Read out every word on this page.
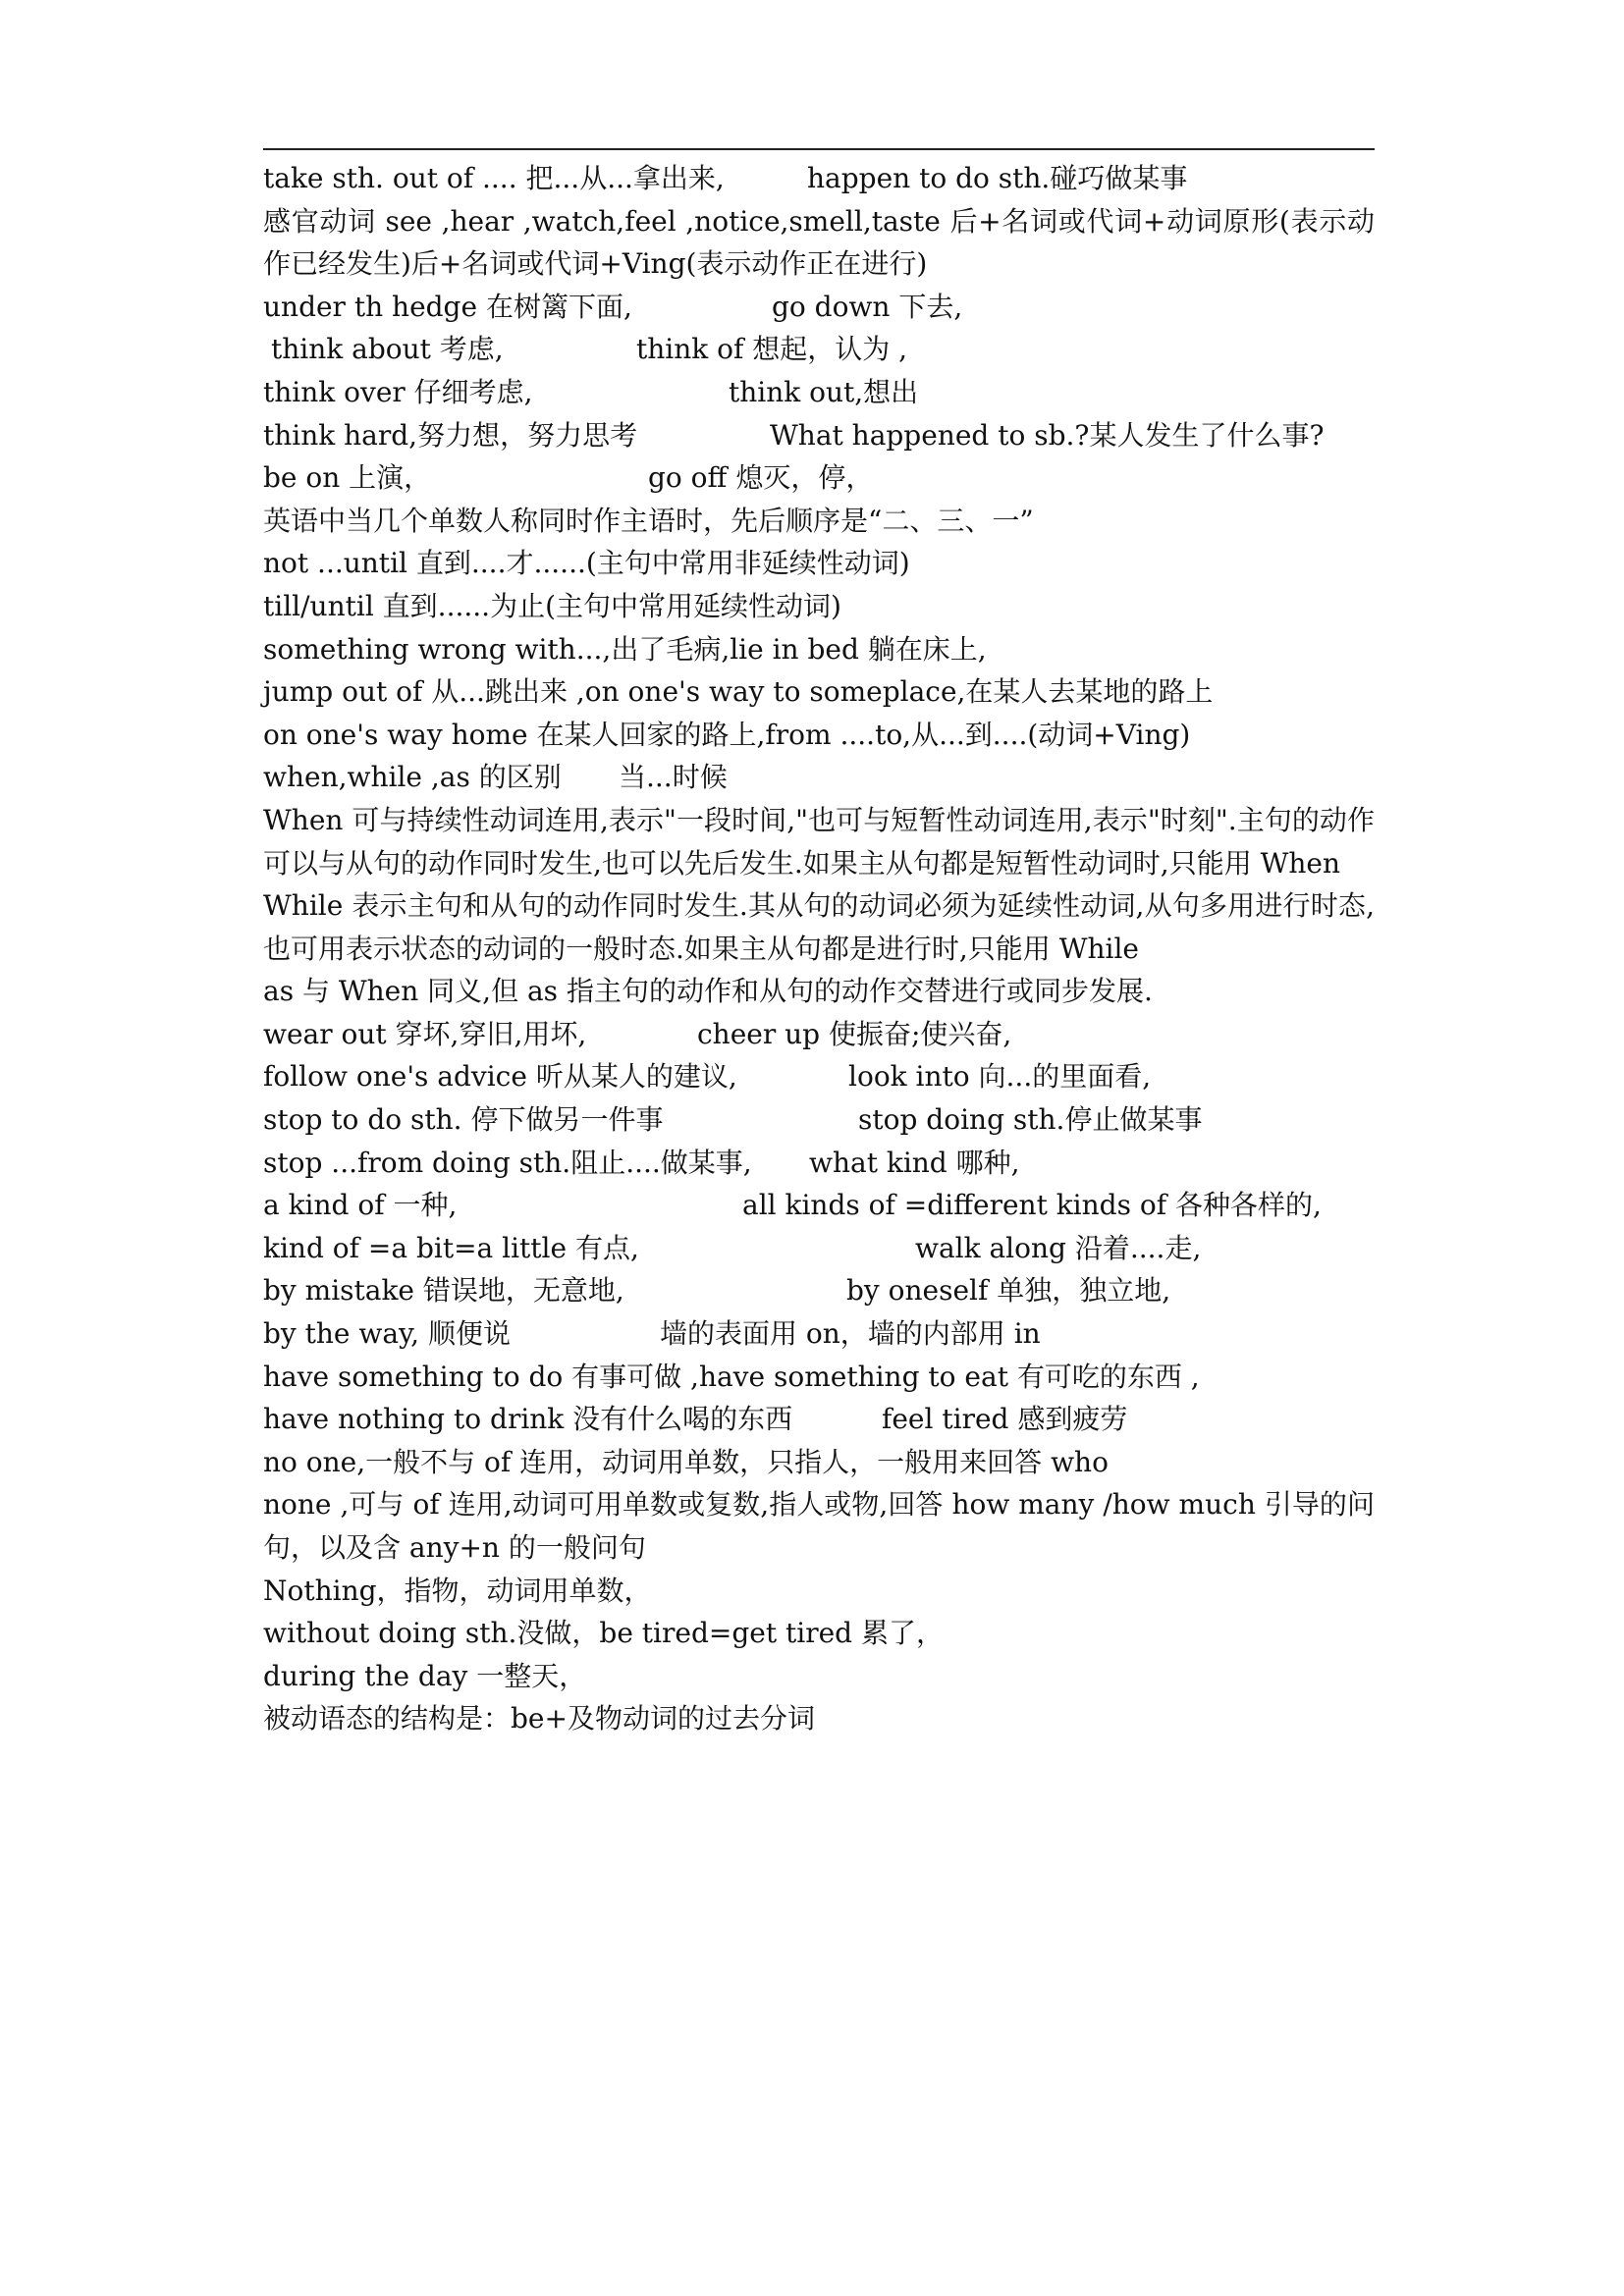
take sth. out of .... 把...从...拿出来,	happen to do sth.碰巧做某事

感官动词 see ,hear ,watch,feel ,notice,smell,taste 后+名词或代词+动词原形(表示动作已经发生)后+名词或代词+Ving(表示动作正在进行)

under th hedge 在树篱下面,	go down 下去,
think about 考虑,	think of 想起，认为 ,
think over 仔细考虑,	think out,想出
think hard,努力想，努力思考	What happened to sb.?某人发生了什么事?
be on 上演，	go off 熄灭，停，
英语中当几个单数人称同时作主语时，先后顺序是“二、三、一”
not ...until 直到....才......(主句中常用非延续性动词)
till/until 直到......为止(主句中常用延续性动词)
something wrong with...,出了毛病,lie in bed 躺在床上,
jump out of 从...跳出来 ,on one's way to someplace,在某人去某地的路上
on one's way home 在某人回家的路上,from ....to,从...到....(动词+Ving)
when,while ,as 的区别 当...时候

When 可与持续性动词连用,表示"一段时间,"也可与短暂性动词连用,表示"时刻".主句的动作可以与从句的动作同时发生,也可以先后发生.如果主从句都是短暂性动词时,只能用 When

While 表示主句和从句的动作同时发生.其从句的动词必须为延续性动词,从句多用进行时态,也可用表示状态的动词的一般时态.如果主从句都是进行时,只能用 While

as 与 When 同义,但 as 指主句的动作和从句的动作交替进行或同步发展.
wear out 穿坏,穿旧,用坏,	cheer up 使振奋;使兴奋,
follow one's advice 听从某人的建议,	look into 向...的里面看,
stop to do sth. 停下做另一件事	stop doing sth.停止做某事
stop ...from doing sth.阻止....做某事, what kind 哪种,
a kind of 一种,	all kinds of =different kinds of 各种各样的,
kind of =a bit=a little 有点,	walk along 沿着....走,
by mistake 错误地，无意地,	by oneself 单独，独立地,
by the way, 顺便说	墙的表面用 on，墙的内部用 in
have something to do 有事可做 ,have something to eat 有可吃的东西 ,
have nothing to drink 没有什么喝的东西	feel tired 感到疲劳
no one,一般不与 of 连用，动词用单数，只指人，一般用来回答 who

none ,可与 of 连用,动词可用单数或复数,指人或物,回答 how many /how much 引导的问句，以及含 any+n 的一般问句

Nothing，指物，动词用单数，
without doing sth.没做，be tired=get tired 累了，
during the day 一整天，
被动语态的结构是：be+及物动词的过去分词
